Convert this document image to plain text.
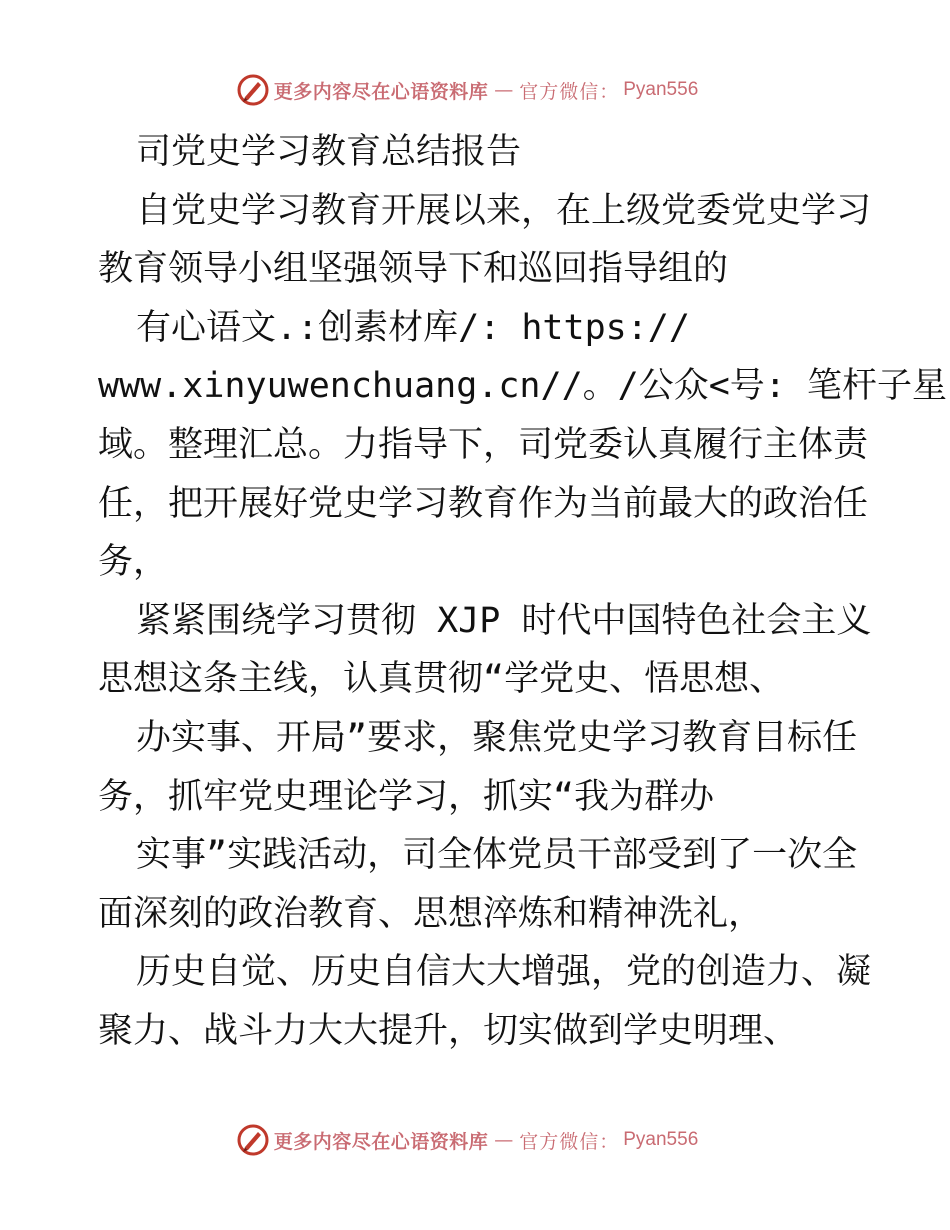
更多内容尽在心语资料库 — 官方微信： Pyan556
司党史学习教育总结报告
自党史学习教育开展以来，在上级党委党史学习
教育领导小组坚强领导下和巡回指导组的
有心语文.:创素材库/: https://
www.xinyuwenchuang.cn//。/公众<号: 笔杆子星
域。整理汇总。力指导下，司党委认真履行主体责
任，把开展好党史学习教育作为当前最大的政治任
务，
紧紧围绕学习贯彻 XJP 时代中国特色社会主义
思想这条主线，认真贯彻“学党史、悟思想、
办实事、开局”要求，聚焦党史学习教育目标任
务，抓牢党史理论学习，抓实“我为群办
实事”实践活动，司全体党员干部受到了一次全
面深刻的政治教育、思想淬炼和精神洗礼，
历史自觉、历史自信大大增强，党的创造力、凝
聚力、战斗力大大提升，切实做到学史明理、
更多内容尽在心语资料库 — 官方微信： Pyan556
